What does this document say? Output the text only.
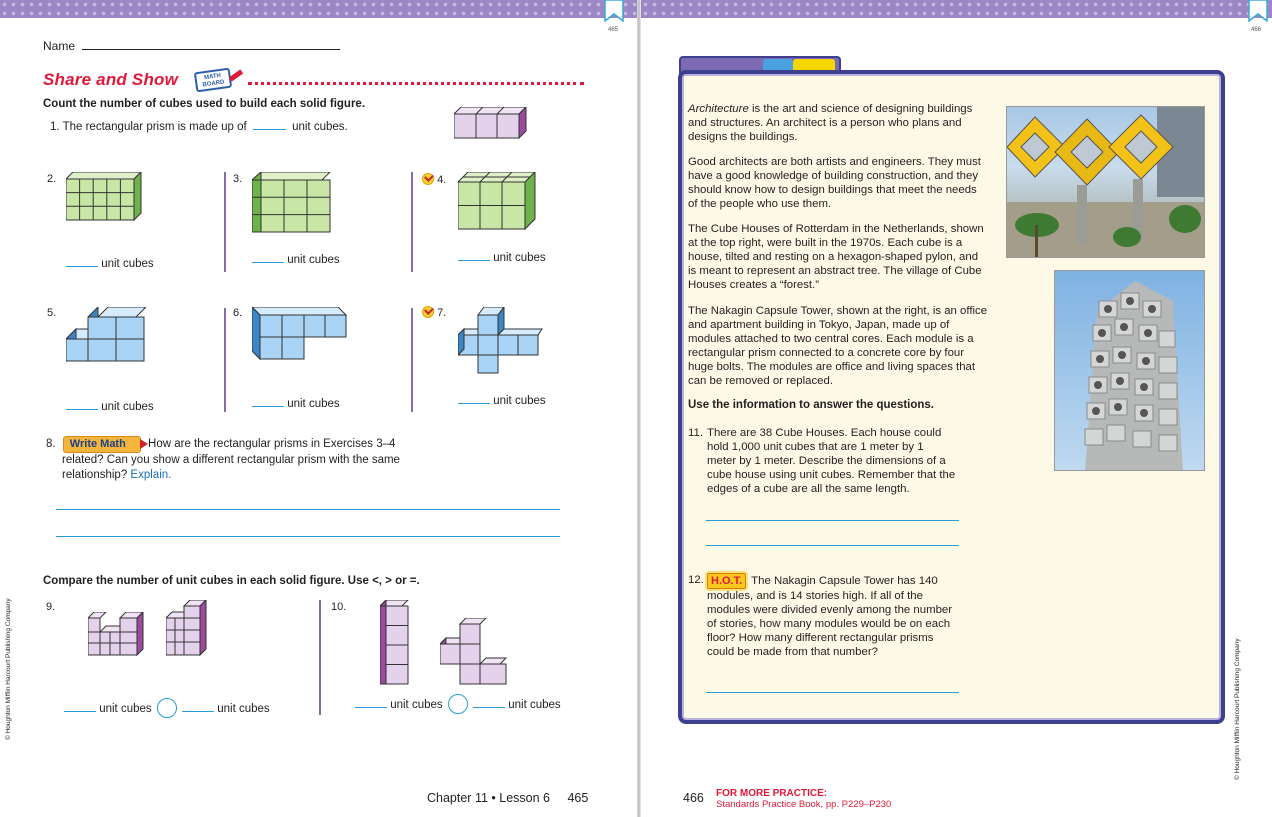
465	466
Name
Share and Show	MATH BOARD
Count the number of cubes used to build each solid figure.
1. The rectangular prism is made up of	unit cubes.
2.
unit cubes
3.
unit cubes
4.
unit cubes
5.
unit cubes
6.
unit cubes
7.
unit cubes
8. Write Math How are the rectangular prisms in Exercises 3–4
related? Can you show a different rectangular prism with the same
relationship? Explain.
Compare the number of unit cubes in each solid figure. Use <, > or =.
9.
unit cubes	unit cubes
10.
unit cubes	unit cubes
© Houghton Mifflin Harcourt Publishing Company
Chapter 11 • Lesson 6 465
Architecture is the art and science of designing buildings
and structures. An architect is a person who plans and
designs the buildings.
Good architects are both artists and engineers. They must
have a good knowledge of building construction, and they
should know how to design buildings that meet the needs
of the people who use them.
The Cube Houses of Rotterdam in the Netherlands, shown
at the top right, were built in the 1970s. Each cube is a
house, tilted and resting on a hexagon-shaped pylon, and
is meant to represent an abstract tree. The village of Cube
Houses creates a “forest.”
The Nakagin Capsule Tower, shown at the right, is an office
and apartment building in Tokyo, Japan, made up of
modules attached to two central cores. Each module is a
rectangular prism connected to a concrete core by four
huge bolts. The modules are office and living spaces that
can be removed or replaced.
Use the information to answer the questions.
11. There are 38 Cube Houses. Each house could
hold 1,000 unit cubes that are 1 meter by 1
meter by 1 meter. Describe the dimensions of a
cube house using unit cubes. Remember that the
edges of a cube are all the same length.
12. H.O.T. The Nakagin Capsule Tower has 140
modules, and is 14 stories high. If all of the
modules were divided evenly among the number
of stories, how many modules would be on each
floor? How many different rectangular prisms
could be made from that number?	© Houghton Mifflin Harcourt Publishing Company
466 FOR MORE PRACTICE:
Standards Practice Book, pp. P229–P230
